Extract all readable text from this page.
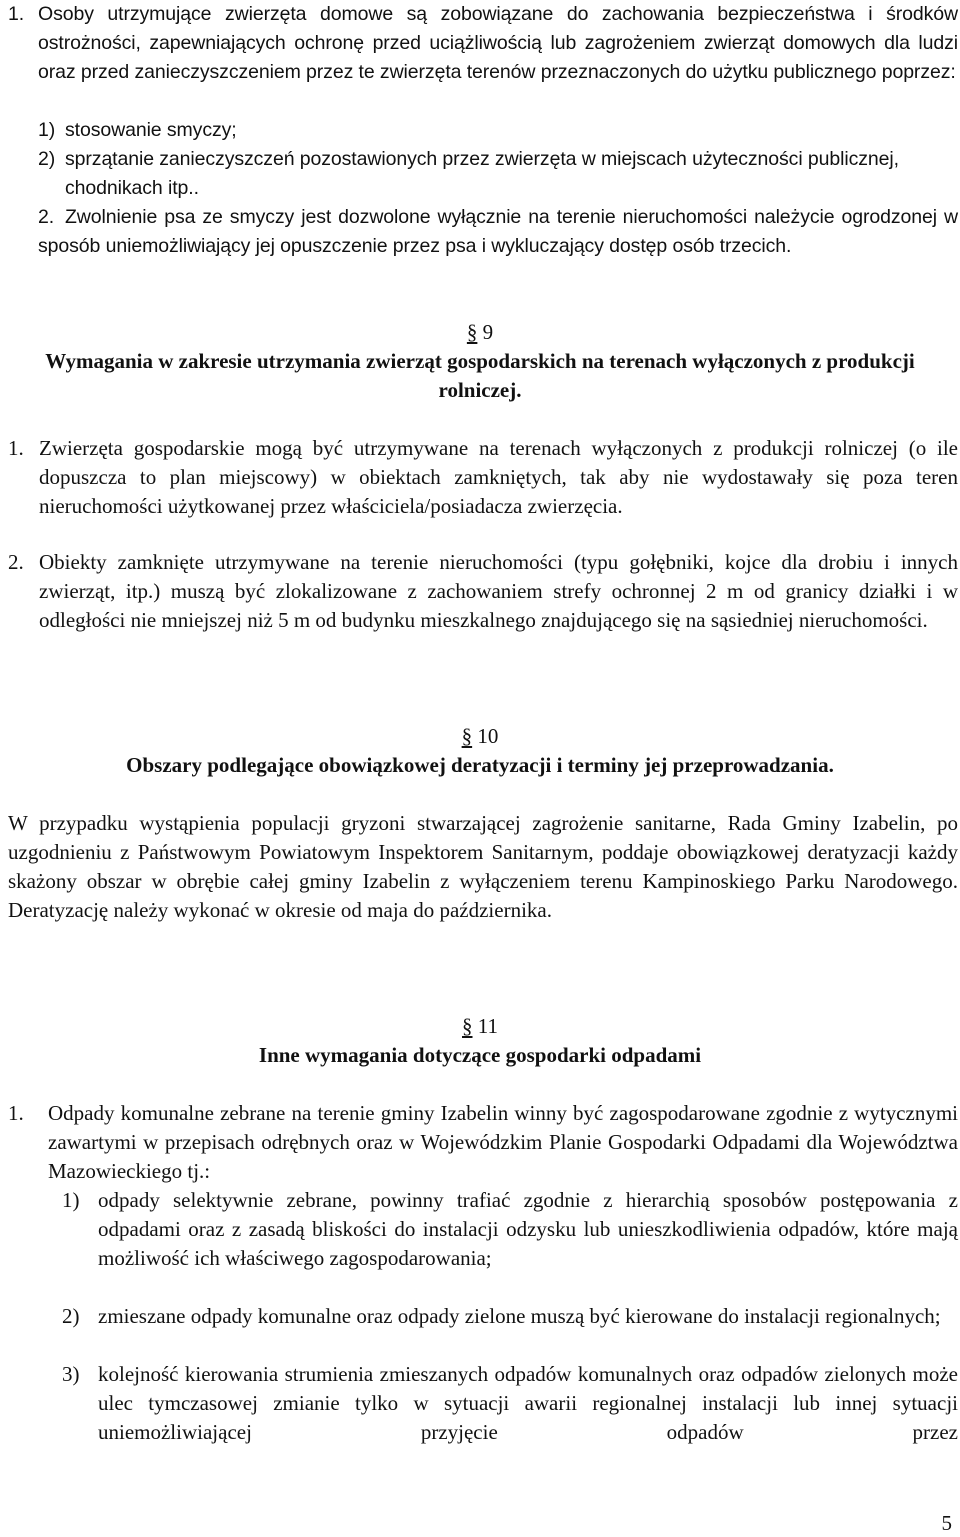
1. Osoby utrzymujące zwierzęta domowe są zobowiązane do zachowania bezpieczeństwa i środków ostrożności, zapewniających ochronę przed uciążliwością lub zagrożeniem zwierząt domowych dla ludzi oraz przed zanieczyszczeniem przez te zwierzęta terenów przeznaczonych do użytku publicznego poprzez:

1) stosowanie smyczy;

2) sprzątanie zanieczyszczeń pozostawionych przez zwierzęta w miejscach użyteczności publicznej, chodnikach itp..

2. Zwolnienie psa ze smyczy jest dozwolone wyłącznie na terenie nieruchomości należycie ogrodzonej w sposób uniemożliwiający jej opuszczenie przez psa i wykluczający dostęp osób trzecich.

§ 9
Wymagania w zakresie utrzymania zwierząt gospodarskich na terenach wyłączonych z produkcji rolniczej.
1. Zwierzęta gospodarskie mogą być utrzymywane na terenach wyłączonych z produkcji rolniczej (o ile dopuszcza to plan miejscowy) w obiektach zamkniętych, tak aby nie wydostawały się poza teren nieruchomości użytkowanej przez właściciela/posiadacza zwierzęcia.

2. Obiekty zamknięte utrzymywane na terenie nieruchomości (typu gołębniki, kojce dla drobiu i innych zwierząt, itp.) muszą być zlokalizowane z zachowaniem strefy ochronnej 2 m od granicy działki i w odległości nie mniejszej niż 5 m od budynku mieszkalnego znajdującego się na sąsiedniej nieruchomości.

§ 10
Obszary podlegające obowiązkowej deratyzacji i terminy jej przeprowadzania.

W przypadku wystąpienia populacji gryzoni stwarzającej zagrożenie sanitarne, Rada Gminy Izabelin, po uzgodnieniu z Państwowym Powiatowym Inspektorem Sanitarnym, poddaje obowiązkowej deratyzacji każdy skażony obszar w obrębie całej gminy Izabelin z wyłączeniem terenu Kampinoskiego Parku Narodowego. Deratyzację należy wykonać w okresie od maja do października.

§ 11
Inne wymagania dotyczące gospodarki odpadami
1. Odpady komunalne zebrane na terenie gminy Izabelin winny być zagospodarowane zgodnie z wytycznymi zawartymi w przepisach odrębnych oraz w Wojewódzkim Planie Gospodarki Odpadami dla Województwa Mazowieckiego tj.:

1) odpady selektywnie zebrane, powinny trafiać zgodnie z hierarchią sposobów postępowania z odpadami oraz z zasadą bliskości do instalacji odzysku lub unieszkodliwienia odpadów, które mają możliwość ich właściwego zagospodarowania;

2) zmieszane odpady komunalne oraz odpady zielone muszą być kierowane do instalacji regionalnych;

3) kolejność kierowania strumienia zmieszanych odpadów komunalnych oraz odpadów zielonych może ulec tymczasowej zmianie tylko w sytuacji awarii regionalnej instalacji lub innej sytuacji uniemożliwiającej przyjęcie odpadów przez

5
